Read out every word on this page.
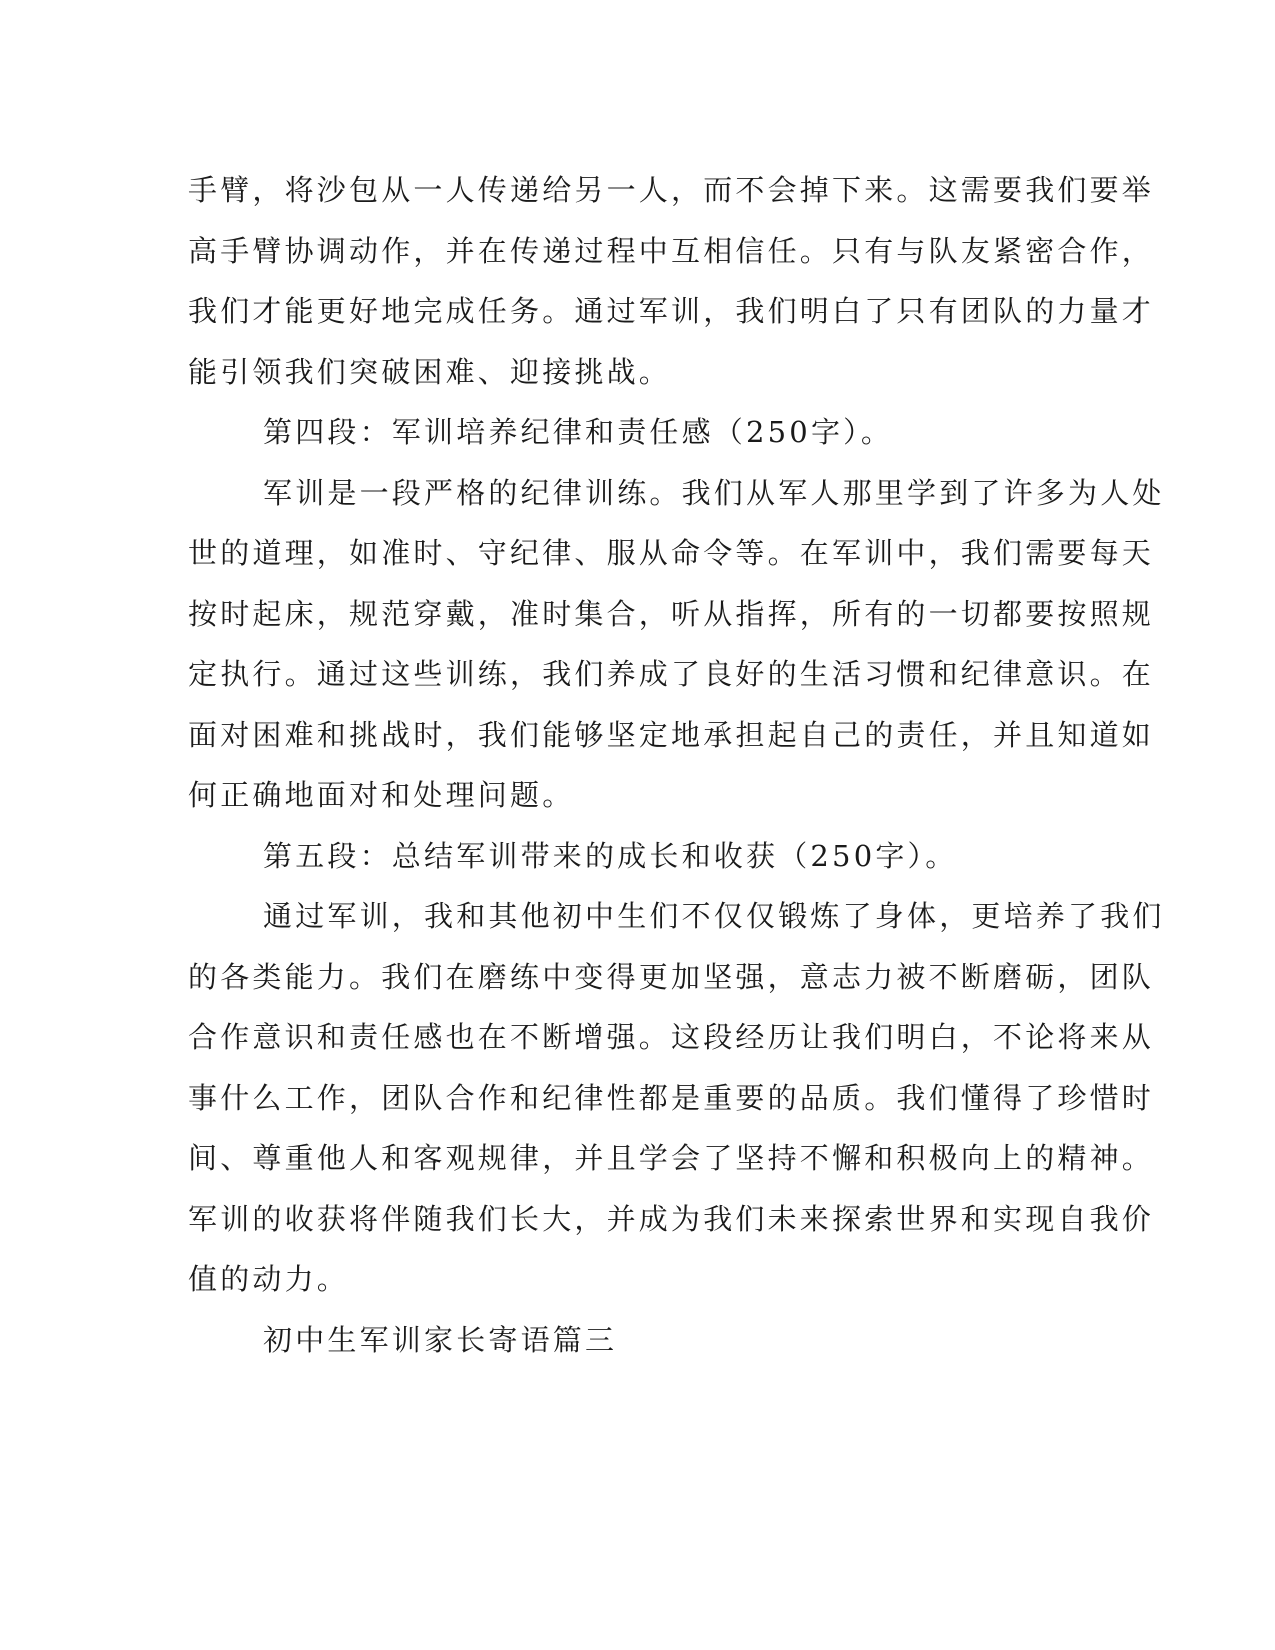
手臂，将沙包从一人传递给另一人，而不会掉下来。这需要我们要举
高手臂协调动作，并在传递过程中互相信任。只有与队友紧密合作，
我们才能更好地完成任务。通过军训，我们明白了只有团队的力量才
能引领我们突破困难、迎接挑战。
第四段：军训培养纪律和责任感（250字）。
军训是一段严格的纪律训练。我们从军人那里学到了许多为人处
世的道理，如准时、守纪律、服从命令等。在军训中，我们需要每天
按时起床，规范穿戴，准时集合，听从指挥，所有的一切都要按照规
定执行。通过这些训练，我们养成了良好的生活习惯和纪律意识。在
面对困难和挑战时，我们能够坚定地承担起自己的责任，并且知道如
何正确地面对和处理问题。
第五段：总结军训带来的成长和收获（250字）。
通过军训，我和其他初中生们不仅仅锻炼了身体，更培养了我们
的各类能力。我们在磨练中变得更加坚强，意志力被不断磨砺，团队
合作意识和责任感也在不断增强。这段经历让我们明白，不论将来从
事什么工作，团队合作和纪律性都是重要的品质。我们懂得了珍惜时
间、尊重他人和客观规律，并且学会了坚持不懈和积极向上的精神。
军训的收获将伴随我们长大，并成为我们未来探索世界和实现自我价
值的动力。
初中生军训家长寄语篇三
